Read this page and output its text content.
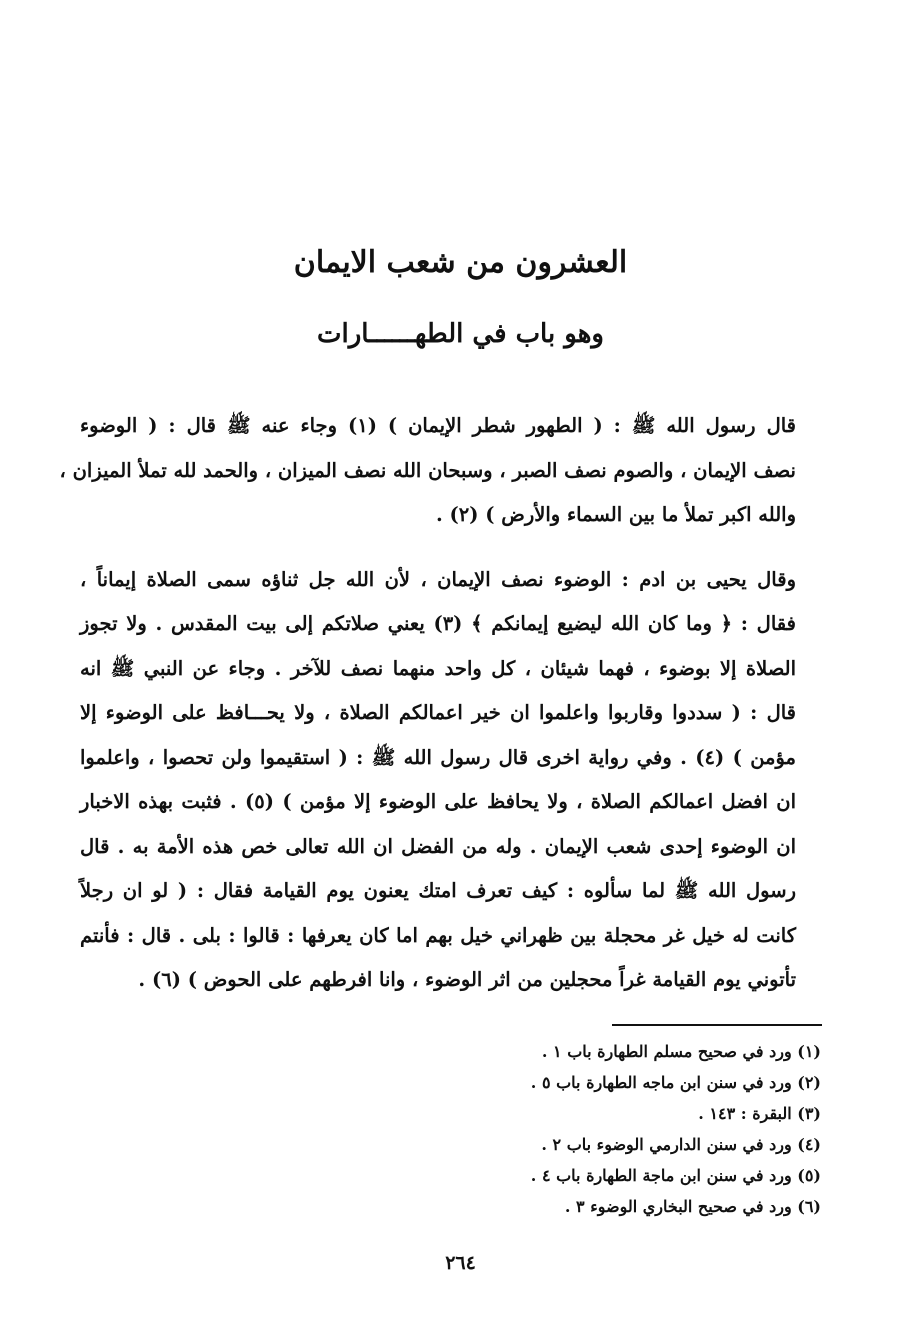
العشرون من شعب الايمان
وهو باب في الطهــــــارات

قال رسول الله ﷺ : ( الطهور شطر الإيمان ) (١) وجاء عنه ﷺ قال : ( الوضوء
نصف الإيمان ، والصوم نصف الصبر ، وسبحان الله نصف الميزان ، والحمد لله تملأ الميزان ،
والله اكبر تملأ ما بين السماء والأرض ) (٢) .

وقال يحيى بن ادم : الوضوء نصف الإيمان ، لأن الله جل ثناؤه سمى الصلاة إيماناً ،
فقال : ﴿ وما كان الله ليضيع إيمانكم ﴾ (٣) يعني صلاتكم إلى بيت المقدس . ولا تجوز
الصلاة إلا بوضوء ، فهما شيئان ، كل واحد منهما نصف للآخر . وجاء عن النبي ﷺ انه
قال : ( سددوا وقاربوا واعلموا ان خير اعمالكم الصلاة ، ولا يحـــافظ على الوضوء إلا
مؤمن ) (٤) . وفي رواية اخرى قال رسول الله ﷺ : ( استقيموا ولن تحصوا ، واعلموا
ان افضل اعمالكم الصلاة ، ولا يحافظ على الوضوء إلا مؤمن ) (٥) . فثبت بهذه الاخبار
ان الوضوء إحدى شعب الإيمان . وله من الفضل ان الله تعالى خص هذه الأمة به . قال
رسول الله ﷺ لما سألوه : كيف تعرف امتك يعنون يوم القيامة فقال : ( لو ان رجلاً
كانت له خيل غر محجلة بين ظهراني خيل بهم اما كان يعرفها : قالوا : بلى . قال : فأنتم
تأتوني يوم القيامة غراً محجلين من اثر الوضوء ، وانا افرطهم على الحوض ) (٦) .

(١) ورد في صحيح مسلم الطهارة باب ١ .
(٢) ورد في سنن ابن ماجه الطهارة باب ٥ .
(٣) البقرة : ١٤٣ .
(٤) ورد في سنن الدارمي الوضوء باب ٢ .
(٥) ورد في سنن ابن ماجة الطهارة باب ٤ .
(٦) ورد في صحيح البخاري الوضوء ٣ .
٢٦٤
